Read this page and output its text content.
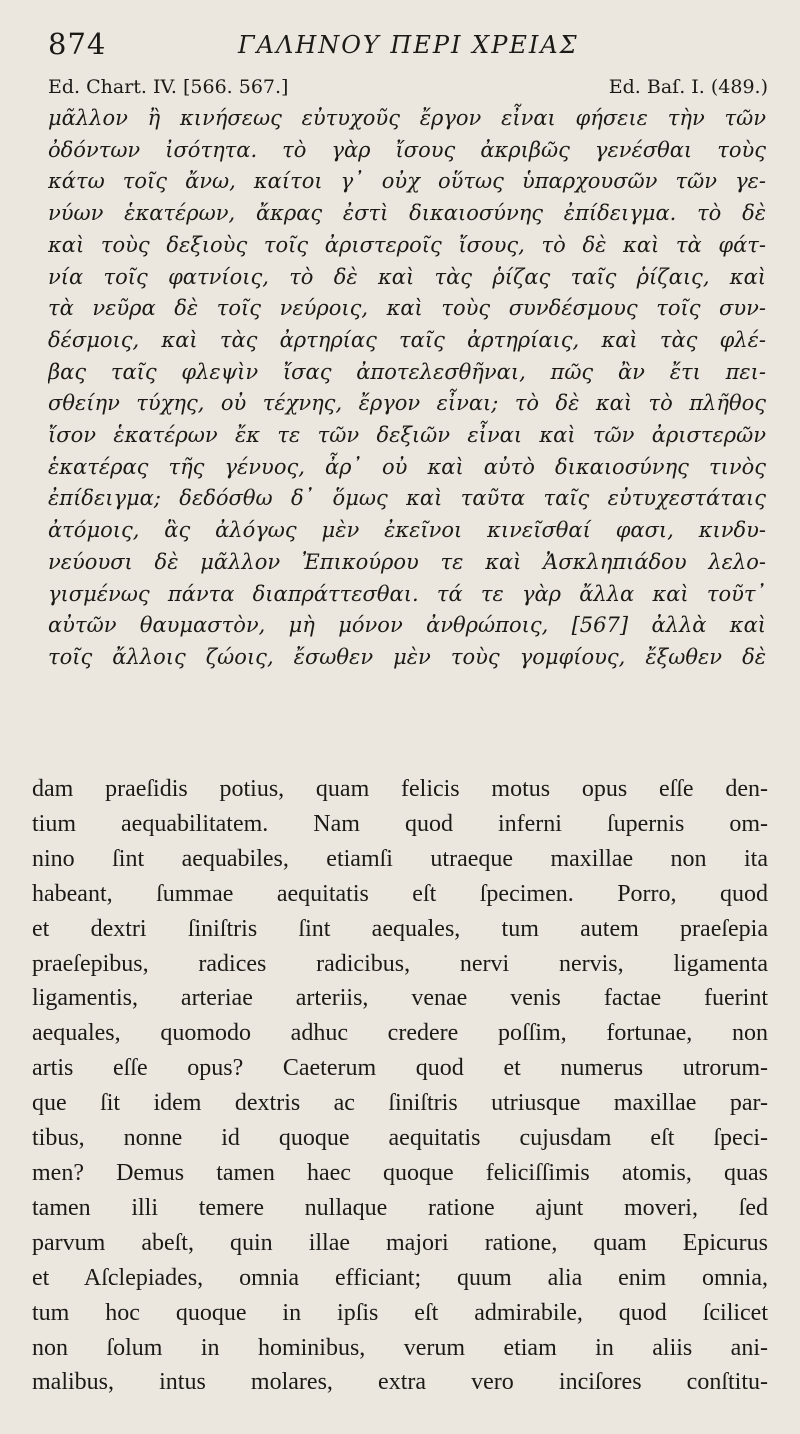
874	ΓΑΛΗΝΟΥ ΠΕΡΙ ΧΡΕΙΑΣ
Ed. Chart. IV. [566. 567.]	Ed. Baſ. I. (489.)
μᾶλλον ἢ κινήσεως εὐτυχοῦς ἔργον εἶναι φήσειε τὴν τῶν
ὀδόντων ἰσότητα. τὸ γὰρ ἴσους ἀκριβῶς γενέσθαι τοὺς
κάτω τοῖς ἄνω, καίτοι γ᾽ οὐχ οὕτως ὑπαρχουσῶν τῶν γε-
νύων ἑκατέρων, ἄκρας ἐστὶ δικαιοσύνης ἐπίδειγμα. τὸ δὲ
καὶ τοὺς δεξιοὺς τοῖς ἀριστεροῖς ἴσους, τὸ δὲ καὶ τὰ φάτ-
νία τοῖς φατνίοις, τὸ δὲ καὶ τὰς ῥίζας ταῖς ῥίζαις, καὶ
τὰ νεῦρα δὲ τοῖς νεύροις, καὶ τοὺς συνδέσμους τοῖς συν-
δέσμοις, καὶ τὰς ἀρτηρίας ταῖς ἀρτηρίαις, καὶ τὰς φλέ-
βας ταῖς φλεψὶν ἴσας ἀποτελεσθῆναι, πῶς ἂν ἔτι πει-
σθείην τύχης, οὐ τέχνης, ἔργον εἶναι; τὸ δὲ καὶ τὸ πλῆθος
ἴσον ἑκατέρων ἔκ τε τῶν δεξιῶν εἶναι καὶ τῶν ἀριστερῶν
ἑκατέρας τῆς γένυος, ἆρ᾽ οὐ καὶ αὐτὸ δικαιοσύνης τινὸς
ἐπίδειγμα; δεδόσθω δ᾽ ὅμως καὶ ταῦτα ταῖς εὐτυχεστάταις
ἀτόμοις, ἃς ἀλόγως μὲν ἐκεῖνοι κινεῖσθαί φασι, κινδυ-
νεύουσι δὲ μᾶλλον Ἐπικούρου τε καὶ Ἀσκληπιάδου λελο-
γισμένως πάντα διαπράττεσθαι. τά τε γὰρ ἄλλα καὶ τοῦτ᾽
αὐτῶν θαυμαστὸν, μὴ μόνον ἀνθρώποις, [567] ἀλλὰ καὶ
τοῖς ἄλλοις ζώοις, ἔσωθεν μὲν τοὺς γομφίους, ἔξωθεν δὲ
dam praeſidis potius, quam felicis motus opus eſſe den-
tium aequabilitatem. Nam quod inferni ſupernis om-
nino ſint aequabiles, etiamſi utraeque maxillae non ita
habeant, ſummae aequitatis eſt ſpecimen. Porro, quod
et dextri ſiniſtris ſint aequales, tum autem praeſepia
praeſepibus, radices radicibus, nervi nervis, ligamenta
ligamentis, arteriae arteriis, venae venis factae fuerint
aequales, quomodo adhuc credere poſſim, fortunae, non
artis eſſe opus? Caeterum quod et numerus utrorum-
que ſit idem dextris ac ſiniſtris utriusque maxillae par-
tibus, nonne id quoque aequitatis cujusdam eſt ſpeci-
men? Demus tamen haec quoque feliciſſimis atomis, quas
tamen illi temere nullaque ratione ajunt moveri, ſed
parvum abeſt, quin illae majori ratione, quam Epicurus
et Aſclepiades, omnia efficiant; quum alia enim omnia,
tum hoc quoque in ipſis eſt admirabile, quod ſcilicet
non ſolum in hominibus, verum etiam in aliis ani-
malibus, intus molares, extra vero inciſores conſtitu-
